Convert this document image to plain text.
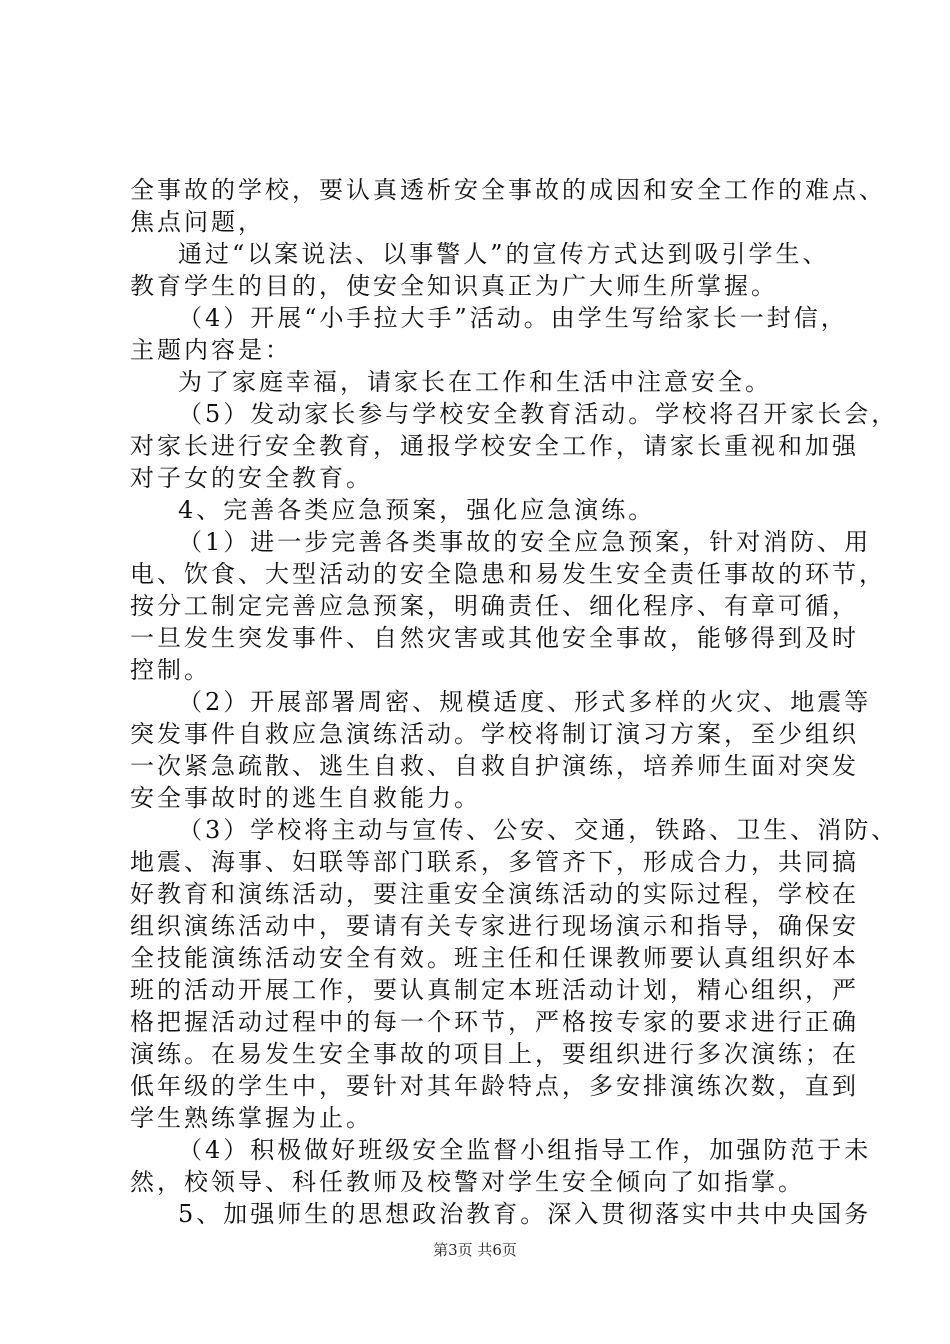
全事故的学校，要认真透析安全事故的成因和安全工作的难点、
焦点问题，
通过“以案说法、以事警人”的宣传方式达到吸引学生、
教育学生的目的，使安全知识真正为广大师生所掌握。
（4）开展“小手拉大手”活动。由学生写给家长一封信，
主题内容是：
为了家庭幸福，请家长在工作和生活中注意安全。
（5）发动家长参与学校安全教育活动。学校将召开家长会，
对家长进行安全教育，通报学校安全工作，请家长重视和加强
对子女的安全教育。
4、完善各类应急预案，强化应急演练。
（1）进一步完善各类事故的安全应急预案，针对消防、用
电、饮食、大型活动的安全隐患和易发生安全责任事故的环节，
按分工制定完善应急预案，明确责任、细化程序、有章可循，
一旦发生突发事件、自然灾害或其他安全事故，能够得到及时
控制。
（2）开展部署周密、规模适度、形式多样的火灾、地震等
突发事件自救应急演练活动。学校将制订演习方案，至少组织
一次紧急疏散、逃生自救、自救自护演练，培养师生面对突发
安全事故时的逃生自救能力。
（3）学校将主动与宣传、公安、交通，铁路、卫生、消防、
地震、海事、妇联等部门联系，多管齐下，形成合力，共同搞
好教育和演练活动，要注重安全演练活动的实际过程，学校在
组织演练活动中，要请有关专家进行现场演示和指导，确保安
全技能演练活动安全有效。班主任和任课教师要认真组织好本
班的活动开展工作，要认真制定本班活动计划，精心组织，严
格把握活动过程中的每一个环节，严格按专家的要求进行正确
演练。在易发生安全事故的项目上，要组织进行多次演练；在
低年级的学生中，要针对其年龄特点，多安排演练次数，直到
学生熟练掌握为止。
（4）积极做好班级安全监督小组指导工作，加强防范于未
然，校领导、科任教师及校警对学生安全倾向了如指掌。
5、加强师生的思想政治教育。深入贯彻落实中共中央国务
第3页 共6页
